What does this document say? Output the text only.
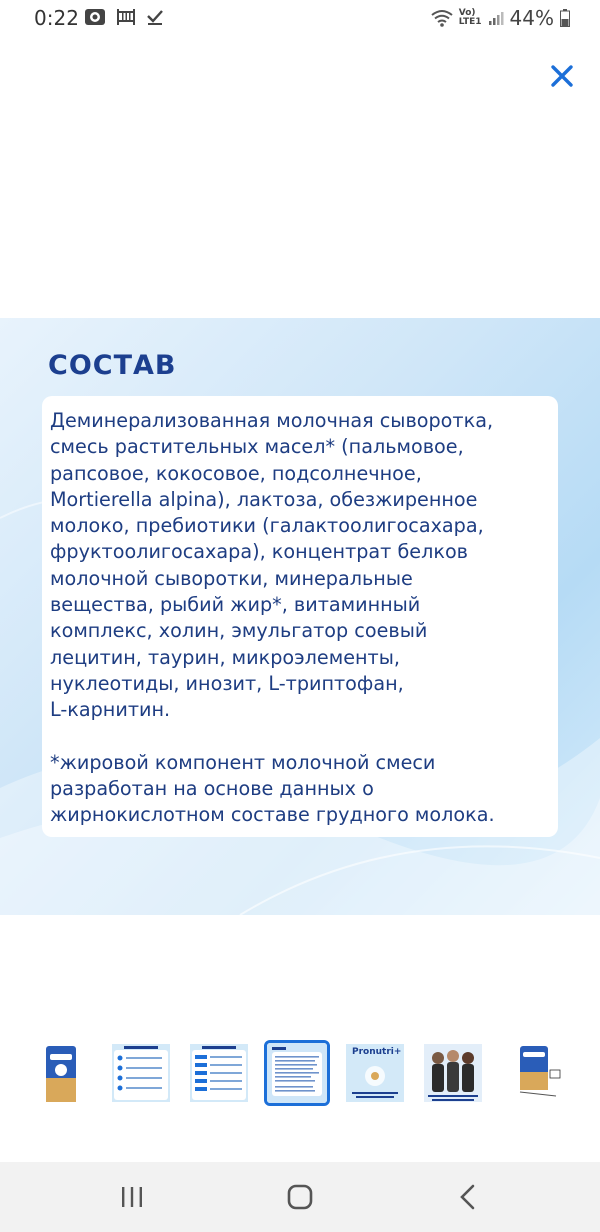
0:22	Vo)
LTE1 44%
СОСТАВ

Деминерализованная молочная сыворотка,
смесь растительных масел* (пальмовое,
рапсовое, кокосовое, подсолнечное,
Mortierella alpina), лактоза, обезжиренное
молоко, пребиотики (галактоолигосахара,
фруктоолигосахара), концентрат белков
молочной сыворотки, минеральные
вещества, рыбий жир*, витаминный
комплекс, холин, эмульгатор соевый
лецитин, таурин, микроэлементы,
нуклеотиды, инозит, L-триптофан,
L-карнитин.

*жировой компонент молочной смеси
разработан на основе данных о
жирнокислотном составе грудного молока.

Pronutri+
